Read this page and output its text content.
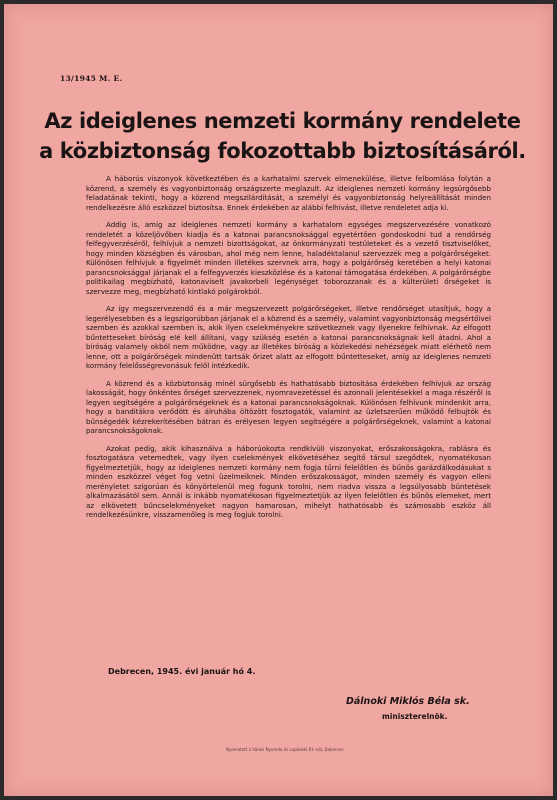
13/1945 M. E.
Az ideiglenes nemzeti kormány rendelete
a közbiztonság fokozottabb biztosításáról.

A háborús viszonyok következtében és a karhatalmi szervek elmenekülése, illetve felbomlása folytán a közrend, a személy és vagyonbiztonság országszerte meglazult. Az ideiglenes nemzeti kormány legsürgősebb feladatának tekinti, hogy a közrend megszilárdítását, a személyi és vagyonbiztonság helyreállítását minden rendelkezésre álló eszközzel biztosítsa. Ennek érdekében az alábbi felhívást, illetve rendeletet adja ki.

Addig is, amíg az ideiglenes nemzeti kormány a karhatalom egységes megszervezésére vonatkozó rendeletét a közeljövőben kiadja és a katonai parancsnoksággal egyetértően gondoskodni tud a rendőrség felfegyverzéséről, felhívjuk a nemzeti bizottságokat, az önkormányzati testületeket és a vezető tisztviselőket, hogy minden községben és városban, ahol még nem lenne, haladéktalanul szervezzék meg a polgárőrségeket. Különösen felhívjuk a figyelmét minden illetékes szervnek arra, hogy a polgárőrség keretében a helyi katonai parancsnoksággal járjanak el a felfegyverzés kieszközlése és a katonai támogatása érdekében. A polgárőrségbe politikailag megbízható, katonaviselt javakorbeli legénységet toborozzanak és a külterületi őrségeket is szervezze meg, megbízható kintlakó polgárokból.

Az így megszervezendő és a már megszervezett polgárőrségeket, illetve rendőrséget utasítjuk, hogy a legerélyesebben és a legszigorúbban járjanak el a közrend és a személy, valamint vagyonbiztonság megsértőivel szemben és azokkal szemben is, akik ilyen cselekményekre szövetkeznek vagy ilyenekre felhívnak. Az elfogott bűntetteseket bíróság elé kell állítani, vagy szükség esetén a katonai parancsnokságnak kell átadni. Ahol a bíróság valamely okból nem működne, vagy az illetékes bíróság a közlekedési nehézségek miatt elérhető nem lenne, ott a polgárőrségek mindenütt tartsák őrizet alatt az elfogott bűntetteseket, amíg az ideiglenes nemzeti kormány felelősségrevonásuk felől intézkedik.

A közrend és a közbiztonság minél sürgősebb és hathatósabb biztosítása érdekében felhívjuk az ország lakosságát, hogy önkéntes őrséget szervezzenek, nyomravezetéssel és azonnali jelentésekkel a maga részéről is legyen segítségére a polgárőrségeknek és a katonai parancsnokságoknak. Különösen felhívunk mindenkit arra, hogy a banditákra verődött és álruhába öltözött fosztogatók, valamint az üzletszerűen működő felbujtók és bűnségedék kézrekerítésében bátran és erélyesen legyen segítségére a polgárőrségeknek, valamint a katonai parancsnokságoknak.

Azokat pedig, akik kihasználva a háborúokozta rendkívüli viszonyokat, erőszakosságokra, rablásra és fosztogatásra vetemedtek, vagy ilyen cselekmények elkövetéséhez segítő társul szegődtek, nyomatékosan figyelmeztetjük, hogy az ideiglenes nemzeti kormány nem fogja tűrni felelőtlen és bűnös garázdálkodásukat s minden eszközzel véget fog vetni üzelmeiknek. Minden erőszakosságot, minden személy és vagyon elleni merényletet szigorúan és könyörtelenül meg fogunk torolni, nem riadva vissza a legsúlyosabb büntetések alkalmazásától sem. Annál is inkább nyomatékosan figyelmeztetjük az ilyen felelőtlen és bűnös elemeket, mert az elkövetett bűncselekményeket nagyon hamarosan, mihelyt hathatósabb és számosabb eszköz áll rendelkezésünkre, visszamenőleg is meg fogjuk torolni.

Debrecen, 1945. évi január hó 4.
Dálnoki Miklós Béla sk.
miniszterelnök.
Nyomatott a Városi Nyomda és Lapkiadó Rt.-nál, Debrecen
